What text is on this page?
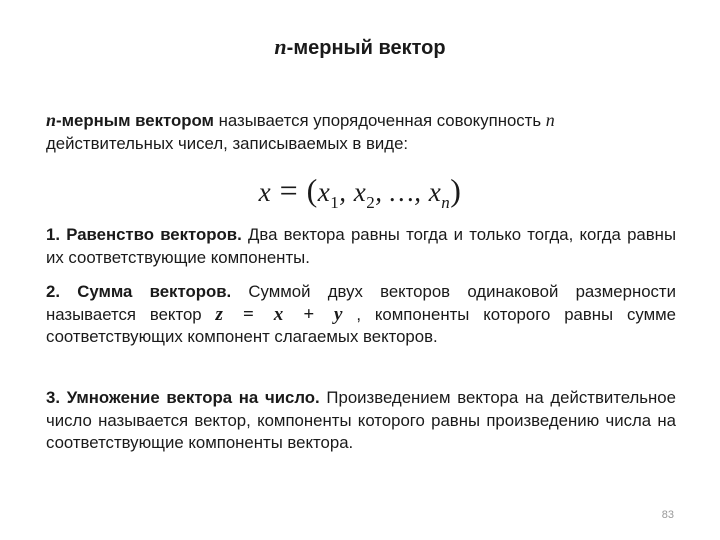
n-мерный вектор

n-мерным вектором называется упорядоченная совокупность n
действительных чисел, записываемых в виде:

$x = (x_1$, $x_2$, …, $x_n$)
1. Равенство векторов. Два вектора равны тогда и только тогда, когда равны их соответствующие компоненты.
2. Сумма векторов. Суммой двух векторов одинаковой размерности называется вектор z = x + y , компоненты которого равны сумме соответствующих компонент слагаемых векторов.
3. Умножение вектора на число. Произведением вектора на действительное число называется вектор, компоненты которого равны произведению числа на соответствующие компоненты вектора.
83
